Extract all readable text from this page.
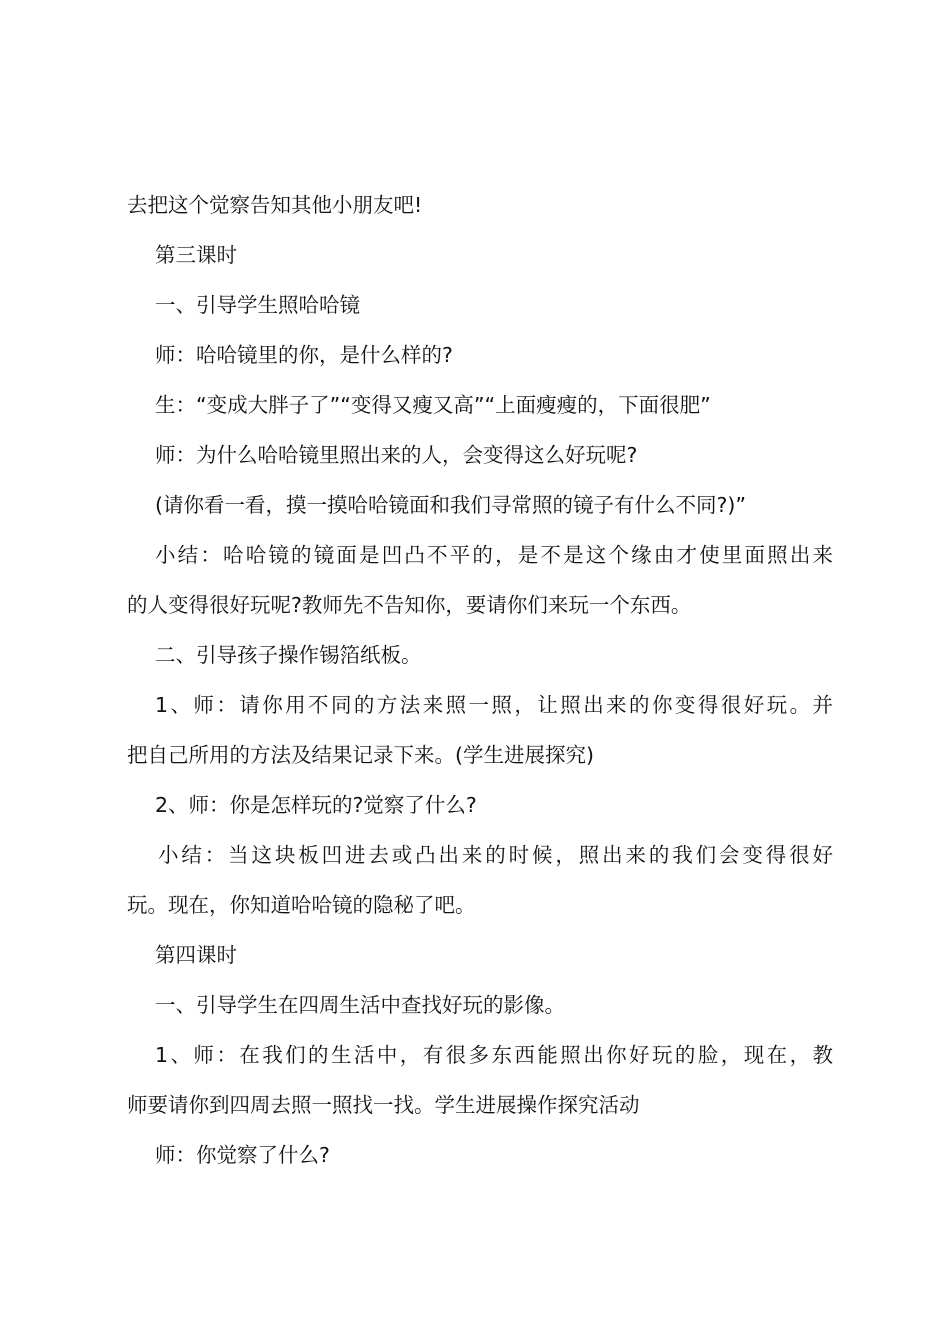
去把这个觉察告知其他小朋友吧!
第三课时
一、引导学生照哈哈镜
师：哈哈镜里的你，是什么样的?
生：“变成大胖子了”“变得又瘦又高”“上面瘦瘦的，下面很肥”
师：为什么哈哈镜里照出来的人，会变得这么好玩呢?
(请你看一看，摸一摸哈哈镜面和我们寻常照的镜子有什么不同?)”
小结：哈哈镜的镜面是凹凸不平的，是不是这个缘由才使里面照出来
的人变得很好玩呢?教师先不告知你，要请你们来玩一个东西。
二、引导孩子操作锡箔纸板。
1、师：请你用不同的方法来照一照，让照出来的你变得很好玩。并
把自己所用的方法及结果记录下来。(学生进展探究)
2、师：你是怎样玩的?觉察了什么?
小结：当这块板凹进去或凸出来的时候，照出来的我们会变得很好
玩。现在，你知道哈哈镜的隐秘了吧。
第四课时
一、引导学生在四周生活中查找好玩的影像。
1、师：在我们的生活中，有很多东西能照出你好玩的脸，现在，教
师要请你到四周去照一照找一找。学生进展操作探究活动
师：你觉察了什么?
